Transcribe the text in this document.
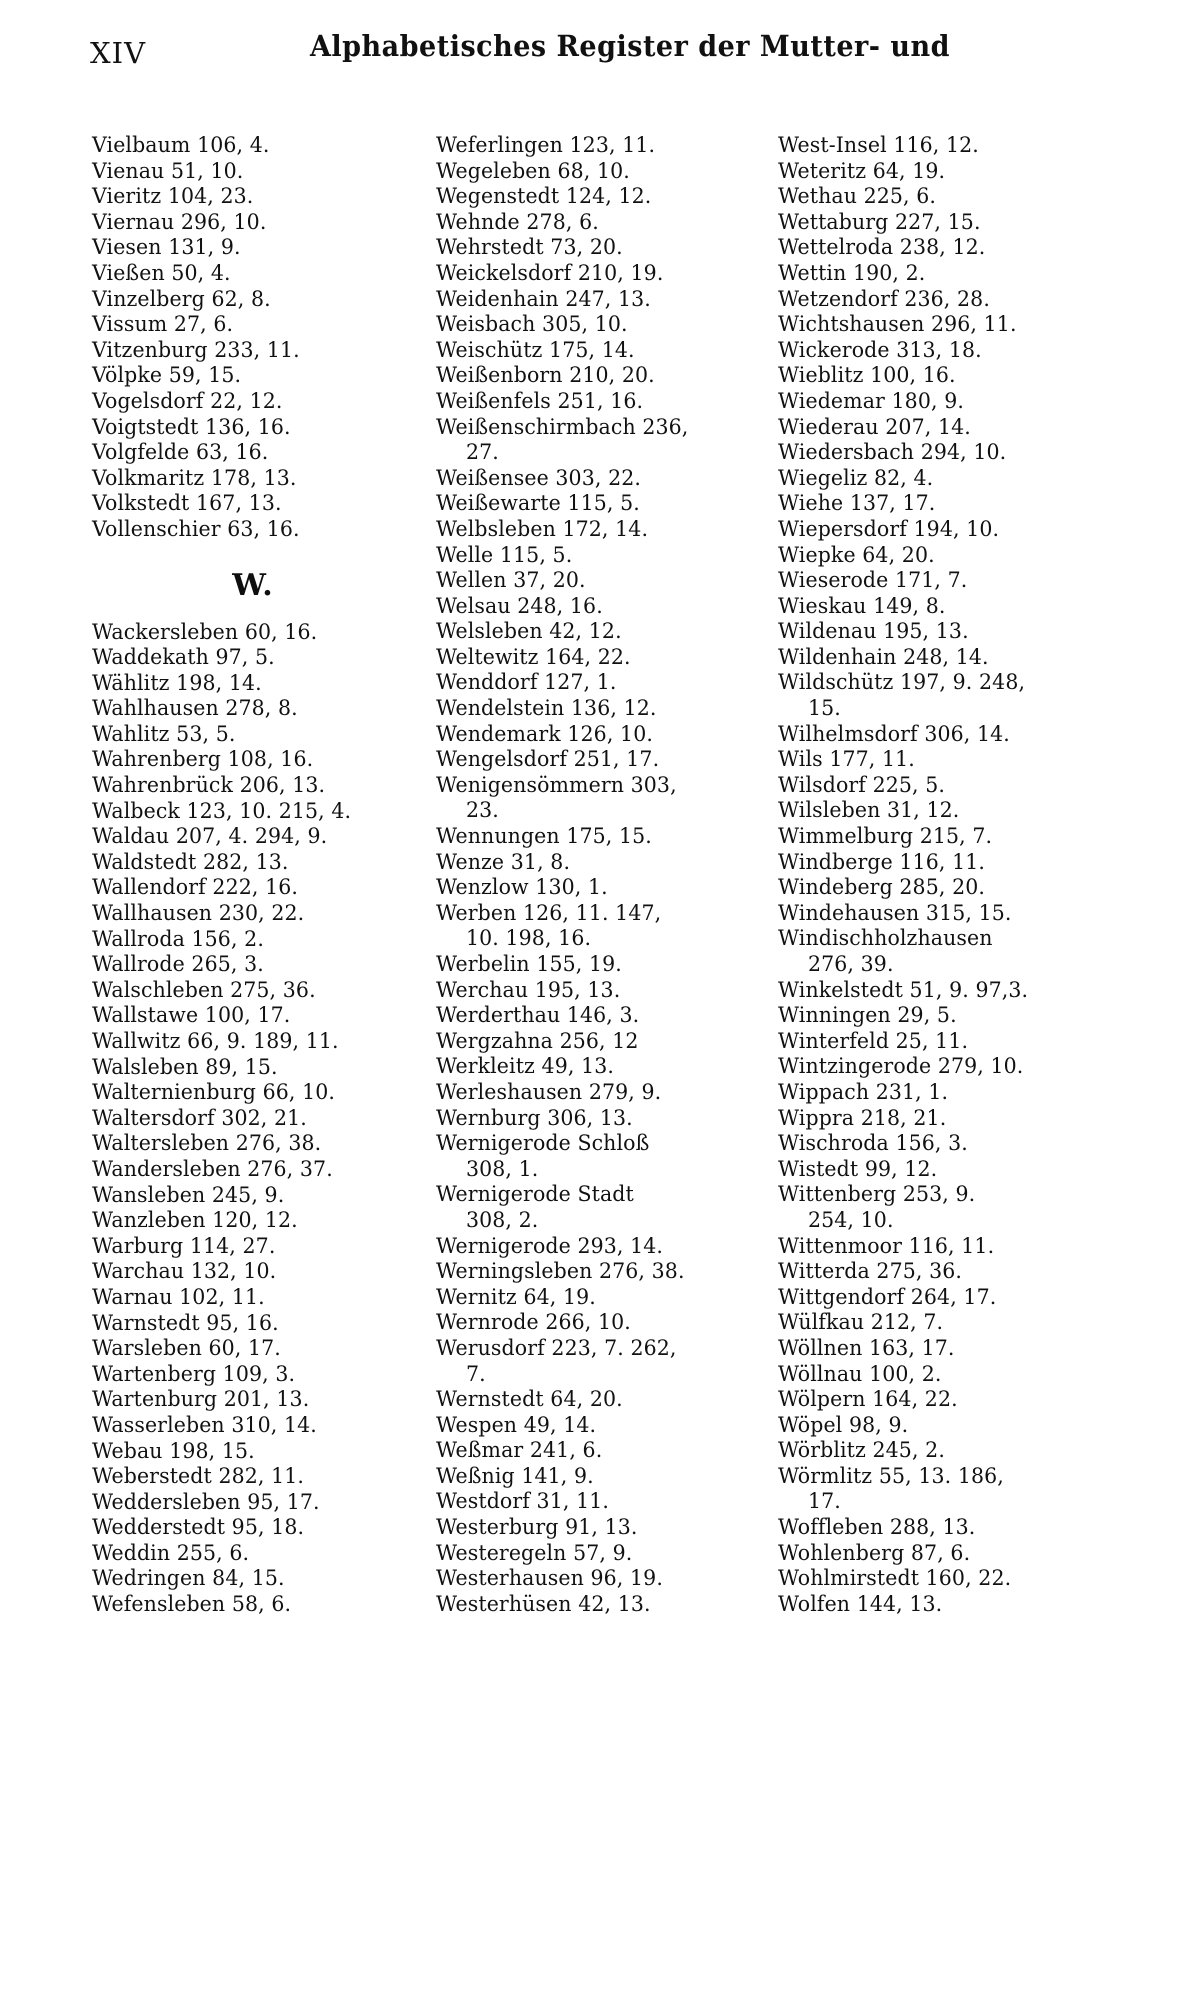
XIV	Alphabetisches Register der Mutter- und
Vielbaum 106, 4.
Vienau 51, 10.
Vieritz 104, 23.
Viernau 296, 10.
Viesen 131, 9.
Vießen 50, 4.
Vinzelberg 62, 8.
Vissum 27, 6.
Vitzenburg 233, 11.
Völpke 59, 15.
Vogelsdorf 22, 12.
Voigtstedt 136, 16.
Volgfelde 63, 16.
Volkmaritz 178, 13.
Volkstedt 167, 13.
Vollenschier 63, 16.
W.
Wackersleben 60, 16.
Waddekath 97, 5.
Wählitz 198, 14.
Wahlhausen 278, 8.
Wahlitz 53, 5.
Wahrenberg 108, 16.
Wahrenbrück 206, 13.
Walbeck 123, 10. 215, 4.
Waldau 207, 4. 294, 9.
Waldstedt 282, 13.
Wallendorf 222, 16.
Wallhausen 230, 22.
Wallroda 156, 2.
Wallrode 265, 3.
Walschleben 275, 36.
Wallstawe 100, 17.
Wallwitz 66, 9. 189, 11.
Walsleben 89, 15.
Walternienburg 66, 10.
Waltersdorf 302, 21.
Waltersleben 276, 38.
Wandersleben 276, 37.
Wansleben 245, 9.
Wanzleben 120, 12.
Warburg 114, 27.
Warchau 132, 10.
Warnau 102, 11.
Warnstedt 95, 16.
Warsleben 60, 17.
Wartenberg 109, 3.
Wartenburg 201, 13.
Wasserleben 310, 14.
Webau 198, 15.
Weberstedt 282, 11.
Weddersleben 95, 17.
Wedderstedt 95, 18.
Weddin 255, 6.
Wedringen 84, 15.
Wefensleben 58, 6.
Weferlingen 123, 11.
Wegeleben 68, 10.
Wegenstedt 124, 12.
Wehnde 278, 6.
Wehrstedt 73, 20.
Weickelsdorf 210, 19.
Weidenhain 247, 13.
Weisbach 305, 10.
Weischütz 175, 14.
Weißenborn 210, 20.
Weißenfels 251, 16.
Weißenschirmbach 236,
27.
Weißensee 303, 22.
Weißewarte 115, 5.
Welbsleben 172, 14.
Welle 115, 5.
Wellen 37, 20.
Welsau 248, 16.
Welsleben 42, 12.
Weltewitz 164, 22.
Wenddorf 127, 1.
Wendelstein 136, 12.
Wendemark 126, 10.
Wengelsdorf 251, 17.
Wenigensömmern 303,
23.
Wennungen 175, 15.
Wenze 31, 8.
Wenzlow 130, 1.
Werben 126, 11. 147,
10. 198, 16.
Werbelin 155, 19.
Werchau 195, 13.
Werderthau 146, 3.
Wergzahna 256, 12
Werkleitz 49, 13.
Werleshausen 279, 9.
Wernburg 306, 13.
Wernigerode Schloß
308, 1.
Wernigerode Stadt
308, 2.
Wernigerode 293, 14.
Werningsleben 276, 38.
Wernitz 64, 19.
Wernrode 266, 10.
Werusdorf 223, 7. 262,
7.
Wernstedt 64, 20.
Wespen 49, 14.
Weßmar 241, 6.
Weßnig 141, 9.
Westdorf 31, 11.
Westerburg 91, 13.
Westeregeln 57, 9.
Westerhausen 96, 19.
Westerhüsen 42, 13.
West-Insel 116, 12.
Weteritz 64, 19.
Wethau 225, 6.
Wettaburg 227, 15.
Wettelroda 238, 12.
Wettin 190, 2.
Wetzendorf 236, 28.
Wichtshausen 296, 11.
Wickerode 313, 18.
Wieblitz 100, 16.
Wiedemar 180, 9.
Wiederau 207, 14.
Wiedersbach 294, 10.
Wiegeliz 82, 4.
Wiehe 137, 17.
Wiepersdorf 194, 10.
Wiepke 64, 20.
Wieserode 171, 7.
Wieskau 149, 8.
Wildenau 195, 13.
Wildenhain 248, 14.
Wildschütz 197, 9. 248,
15.
Wilhelmsdorf 306, 14.
Wils 177, 11.
Wilsdorf 225, 5.
Wilsleben 31, 12.
Wimmelburg 215, 7.
Windberge 116, 11.
Windeberg 285, 20.
Windehausen 315, 15.
Windischholzhausen
276, 39.
Winkelstedt 51, 9. 97,3.
Winningen 29, 5.
Winterfeld 25, 11.
Wintzingerode 279, 10.
Wippach 231, 1.
Wippra 218, 21.
Wischroda 156, 3.
Wistedt 99, 12.
Wittenberg 253, 9.
254, 10.
Wittenmoor 116, 11.
Witterda 275, 36.
Wittgendorf 264, 17.
Wülfkau 212, 7.
Wöllnen 163, 17.
Wöllnau 100, 2.
Wölpern 164, 22.
Wöpel 98, 9.
Wörblitz 245, 2.
Wörmlitz 55, 13. 186,
17.
Woffleben 288, 13.
Wohlenberg 87, 6.
Wohlmirstedt 160, 22.
Wolfen 144, 13.
